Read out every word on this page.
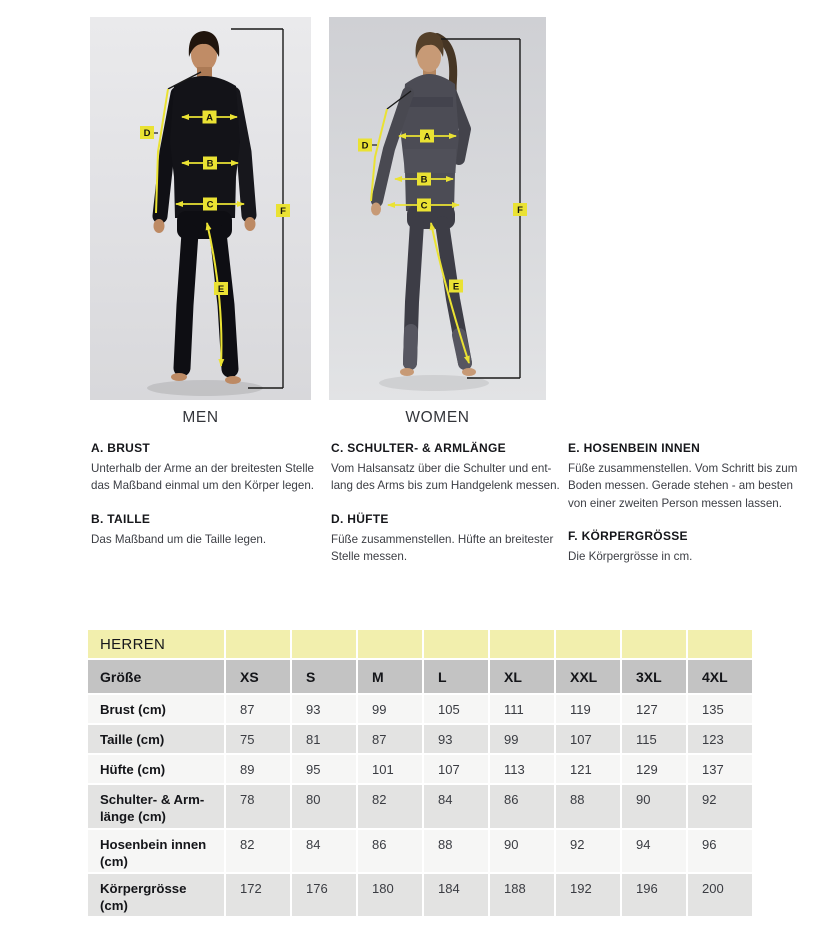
D
F
A
B
C
E
D
F
A
B
C
E
MEN	WOMEN
A. BRUST

Unterhalb der Arme an der breitesten Stelle das Maßband einmal um den Körper legen.

B. TAILLE

Das Maßband um die Taille legen.

C. SCHULTER- & ARMLÄNGE

Vom Halsansatz über die Schulter und entlang des Arms bis zum Handgelenk messen.

D. HÜFTE

Füße zusammenstellen. Hüfte an breitester Stelle messen.

E. HOSENBEIN INNEN

Füße zusammenstellen. Vom Schritt bis zum Boden messen. Gerade stehen - am besten von einer zweiten Person messen lassen.

F. KÖRPERGRÖSSE

Die Körpergrösse in cm.

HERREN
Größe	XS	S	M	L	XL	XXL	3XL	4XL
Brust (cm)	87	93	99	105	111	119	127	135
Taille (cm)	75	81	87	93	99	107	115	123
Hüfte (cm)	89	95	101	107	113	121	129	137
Schulter- & Armlänge (cm)
78	80	82	84	86	88	90	92
Hosenbein innen (cm)
82	84	86	88	90	92	94	96
Körpergrösse (cm)
172	176	180	184	188	192	196	200
